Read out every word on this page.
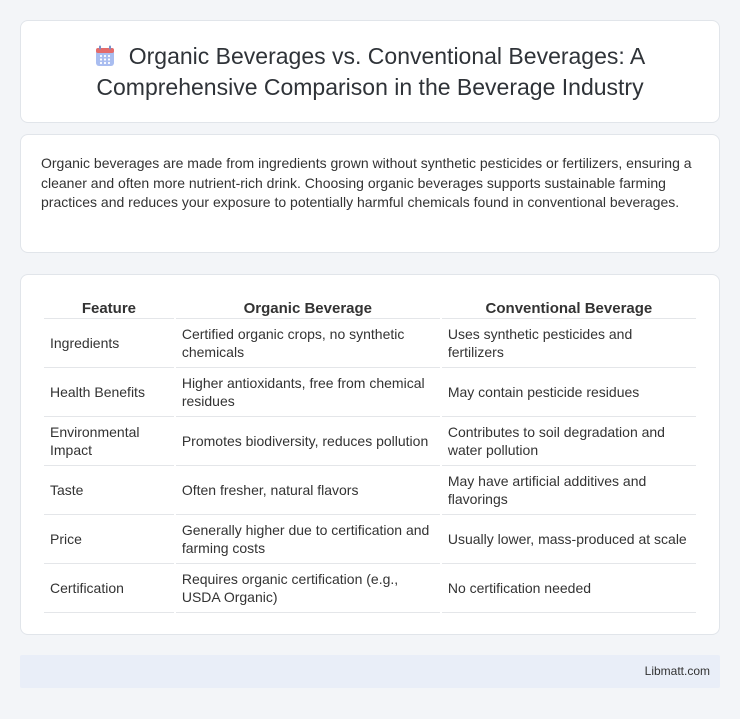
Organic Beverages vs. Conventional Beverages: A Comprehensive Comparison in the Beverage Industry

Organic beverages are made from ingredients grown without synthetic pesticides or fertilizers, ensuring a cleaner and often more nutrient-rich drink. Choosing organic beverages supports sustainable farming practices and reduces your exposure to potentially harmful chemicals found in conventional beverages.

Feature	Organic Beverage	Conventional Beverage
Ingredients	Certified organic crops, no synthetic chemicals	Uses synthetic pesticides and fertilizers
Health Benefits	Higher antioxidants, free from chemical residues	May contain pesticide residues
Environmental Impact	Promotes biodiversity, reduces pollution	Contributes to soil degradation and water pollution
Taste	Often fresher, natural flavors	May have artificial additives and flavorings
Price	Generally higher due to certification and farming costs	Usually lower, mass-produced at scale
Certification	Requires organic certification (e.g., USDA Organic)	No certification needed
Libmatt.com
